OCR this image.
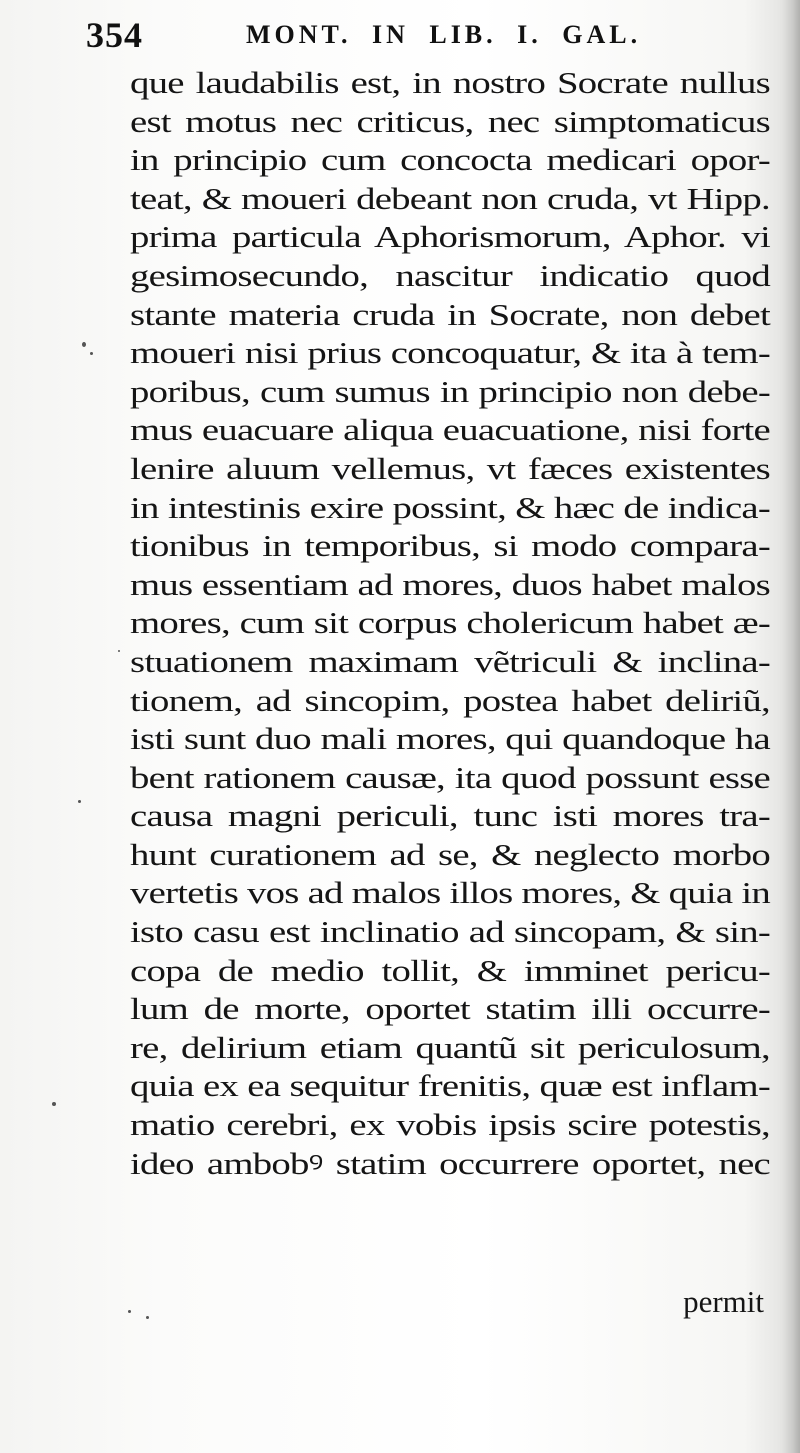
354	MONT. IN LIB. I. GAL.
que laudabilis est, in nostro Socrate nullus
est motus nec criticus, nec simptomaticus
in principio cum concocta medicari opor-
teat, & moueri debeant non cruda, vt Hipp.
prima particula Aphorismorum, Aphor. vi
gesimosecundo, nascitur indicatio quod
stante materia cruda in Socrate, non debet
moueri nisi prius concoquatur, & ita à tem-
poribus, cum sumus in principio non debe-
mus euacuare aliqua euacuatione, nisi forte
lenire aluum vellemus, vt fæces existentes
in intestinis exire possint, & hæc de indica-
tionibus in temporibus, si modo compara-
mus essentiam ad mores, duos habet malos
mores, cum sit corpus cholericum habet æ-
stuationem maximam vẽtriculi & inclina-
tionem, ad sincopim, postea habet deliriũ,
isti sunt duo mali mores, qui quandoque ha
bent rationem causæ, ita quod possunt esse
causa magni periculi, tunc isti mores tra-
hunt curationem ad se, & neglecto morbo
vertetis vos ad malos illos mores, & quia in
isto casu est inclinatio ad sincopam, & sin-
copa de medio tollit, & imminet pericu-
lum de morte, oportet statim illi occurre-
re, delirium etiam quantũ sit periculosum,
quia ex ea sequitur frenitis, quæ est inflam-
matio cerebri, ex vobis ipsis scire potestis,
ideo ambobꝰ statim occurrere oportet, nec
permit
